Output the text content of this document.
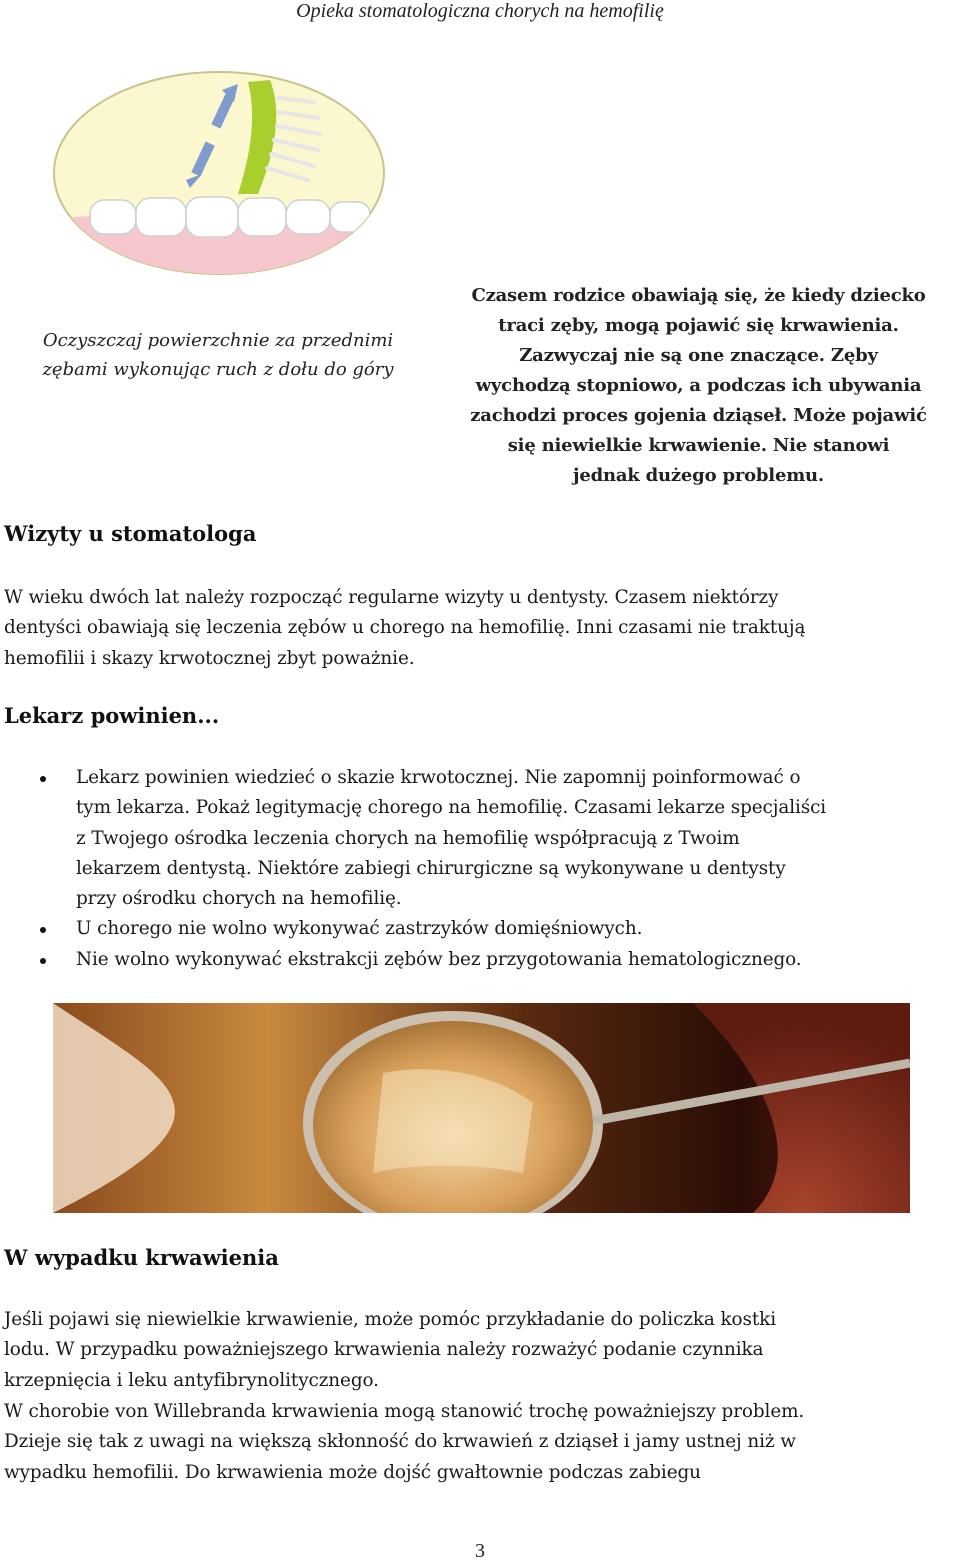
Opieka stomatologiczna chorych na hemofilię
Oczyszczaj powierzchnie za przednimi
zębami wykonując ruch z dołu do góry
Czasem rodzice obawiają się, że kiedy dziecko
traci zęby, mogą pojawić się krwawienia.
Zazwyczaj nie są one znaczące. Zęby
wychodzą stopniowo, a podczas ich ubywania
zachodzi proces gojenia dziąseł. Może pojawić
się niewielkie krwawienie. Nie stanowi
jednak dużego problemu.
Wizyty u stomatologa
W wieku dwóch lat należy rozpocząć regularne wizyty u dentysty. Czasem niektórzy
dentyści obawiają się leczenia zębów u chorego na hemofilię. Inni czasami nie traktują
hemofilii i skazy krwotocznej zbyt poważnie.
Lekarz powinien...
Lekarz powinien wiedzieć o skazie krwotocznej. Nie zapomnij poinformować o
tym lekarza. Pokaż legitymację chorego na hemofilię. Czasami lekarze specjaliści
z Twojego ośrodka leczenia chorych na hemofilię współpracują z Twoim
lekarzem dentystą. Niektóre zabiegi chirurgiczne są wykonywane u dentysty
przy ośrodku chorych na hemofilię.
U chorego nie wolno wykonywać zastrzyków domięśniowych.
Nie wolno wykonywać ekstrakcji zębów bez przygotowania hematologicznego.
W wypadku krwawienia
Jeśli pojawi się niewielkie krwawienie, może pomóc przykładanie do policzka kostki
lodu. W przypadku poważniejszego krwawienia należy rozważyć podanie czynnika
krzepnięcia i leku antyfibrynolitycznego.
W chorobie von Willebranda krwawienia mogą stanowić trochę poważniejszy problem.
Dzieje się tak z uwagi na większą skłonność do krwawień z dziąseł i jamy ustnej niż w
wypadku hemofilii. Do krwawienia może dojść gwałtownie podczas zabiegu
3
